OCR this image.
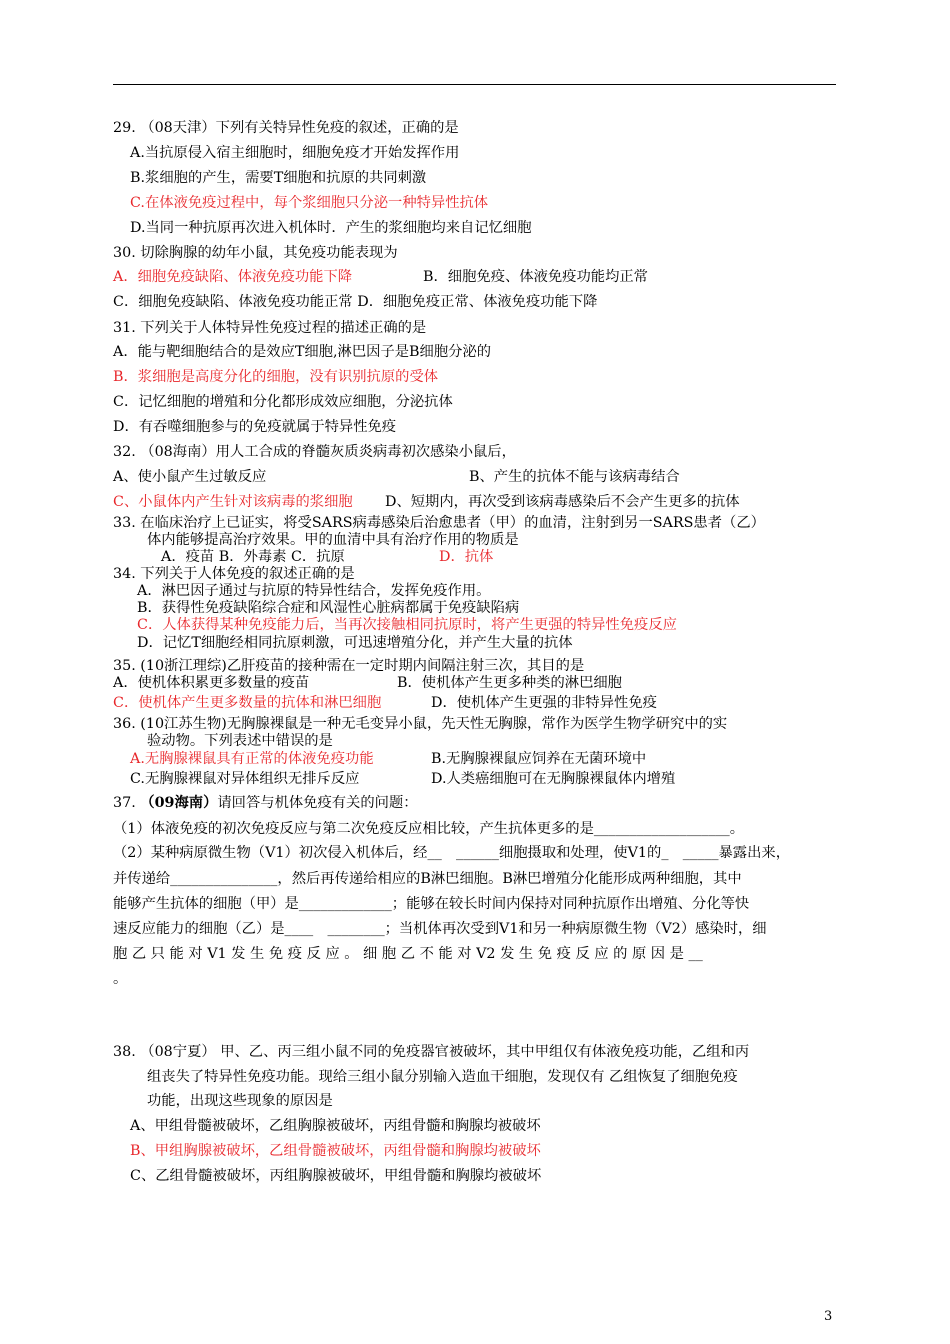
29. （08天津）下列有关特异性免疫的叙述，正确的是
A.当抗原侵入宿主细胞时，细胞免疫才开始发挥作用
B.浆细胞的产生，需要T细胞和抗原的共同刺激
C.在体液免疫过程中，每个浆细胞只分泌一种特异性抗体
D.当同一种抗原再次进入机体时．产生的浆细胞均来自记忆细胞
30. 切除胸腺的幼年小鼠，其免疫功能表现为
A．细胞免疫缺陷、体液免疫功能下降	B．细胞免疫、体液免疫功能均正常
C．细胞免疫缺陷、体液免疫功能正常 D．细胞免疫正常、体液免疫功能下降
31. 下列关于人体特异性免疫过程的描述正确的是
A．能与靶细胞结合的是效应T细胞,淋巴因子是B细胞分泌的
B．浆细胞是高度分化的细胞，没有识别抗原的受体
C．记忆细胞的增殖和分化都形成效应细胞，分泌抗体
D．有吞噬细胞参与的免疫就属于特异性免疫
32. （08海南）用人工合成的脊髓灰质炎病毒初次感染小鼠后，
A、使小鼠产生过敏反应	B、产生的抗体不能与该病毒结合
C、小鼠体内产生针对该病毒的浆细胞 D、短期内，再次受到该病毒感染后不会产生更多的抗体
33. 在临床治疗上已证实，将受SARS病毒感染后治愈患者（甲）的血清，注射到另一SARS患者（乙）
体内能够提高治疗效果。甲的血清中具有治疗作用的物质是
A．疫苗 B．外毒素 C．抗原	D．抗体
34. 下列关于人体免疫的叙述正确的是
A．淋巴因子通过与抗原的特异性结合，发挥免疫作用。
B．获得性免疫缺陷综合症和风湿性心脏病都属于免疫缺陷病
C．人体获得某种免疫能力后，当再次接触相同抗原时，将产生更强的特异性免疫反应
D．记忆T细胞经相同抗原刺激，可迅速增殖分化，并产生大量的抗体
35. (10浙江理综)乙肝疫苗的接种需在一定时期内间隔注射三次，其目的是
A．使机体积累更多数量的疫苗	B．使机体产生更多种类的淋巴细胞
C．使机体产生更多数量的抗体和淋巴细胞	D．使机体产生更强的非特异性免疫
36. (10江苏生物)无胸腺裸鼠是一种无毛变异小鼠，先天性无胸腺，常作为医学生物学研究中的实
验动物。下列表述中错误的是
A.无胸腺裸鼠具有正常的体液免疫功能	B.无胸腺裸鼠应饲养在无菌环境中
C.无胸腺裸鼠对异体组织无排斥反应	D.人类癌细胞可在无胸腺裸鼠体内增殖
37. （09海南）请回答与机体免疫有关的问题：
（1）体液免疫的初次免疫反应与第二次免疫反应相比较，产生抗体更多的是___________________。
（2）某种病原微生物（V1）初次侵入机体后，经__　______细胞摄取和处理，使V1的_　_____暴露出来，
并传递给_______________，然后再传递给相应的B淋巴细胞。B淋巴增殖分化能形成两种细胞，其中
能够产生抗体的细胞（甲）是_____________；能够在较长时间内保持对同种抗原作出增殖、分化等快
速反应能力的细胞（乙）是____　________；当机体再次受到V1和另一种病原微生物（V2）感染时，细
胞 乙 只 能 对 V1 发 生 免 疫 反 应 。 细 胞 乙 不 能 对 V2 发 生 免 疫 反 应 的 原 因 是 __
。
38. （08宁夏） 甲、乙、丙三组小鼠不同的免疫器官被破坏，其中甲组仅有体液免疫功能，乙组和丙
组丧失了特异性免疫功能。现给三组小鼠分别输入造血干细胞，发现仅有 乙组恢复了细胞免疫
功能，出现这些现象的原因是
A、甲组骨髓被破坏，乙组胸腺被破坏，丙组骨髓和胸腺均被破坏
B、甲组胸腺被破坏，乙组骨髓被破坏，丙组骨髓和胸腺均被破坏
C、乙组骨髓被破坏，丙组胸腺被破坏，甲组骨髓和胸腺均被破坏
3
